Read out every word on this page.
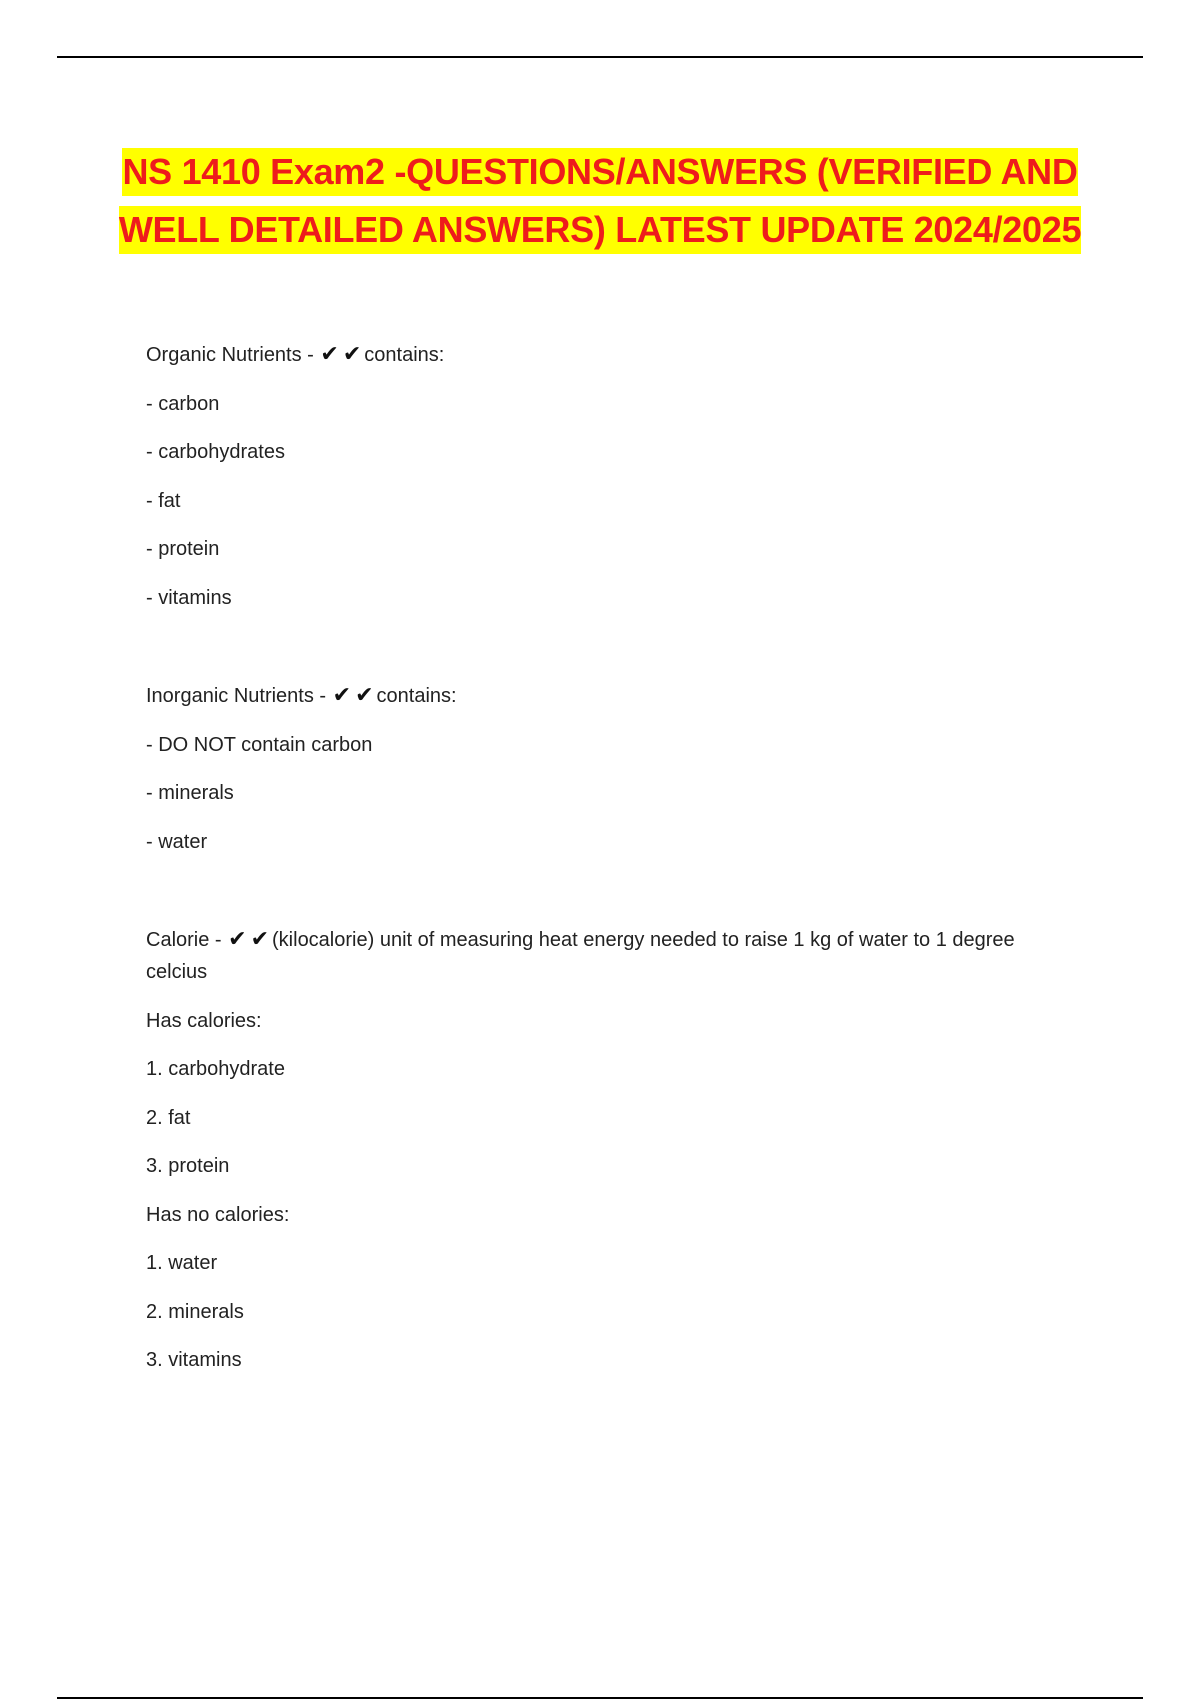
NS 1410 Exam2 -QUESTIONS/ANSWERS (VERIFIED AND WELL DETAILED ANSWERS) LATEST UPDATE 2024/2025

Organic Nutrients - ✔ ✔ contains:

- carbon

- carbohydrates

- fat

- protein

- vitamins

Inorganic Nutrients - ✔ ✔ contains:

- DO NOT contain carbon

- minerals

- water

Calorie - ✔ ✔ (kilocalorie) unit of measuring heat energy needed to raise 1 kg of water to 1 degree celcius

Has calories:

1. carbohydrate

2. fat

3. protein

Has no calories:

1. water

2. minerals

3. vitamins
